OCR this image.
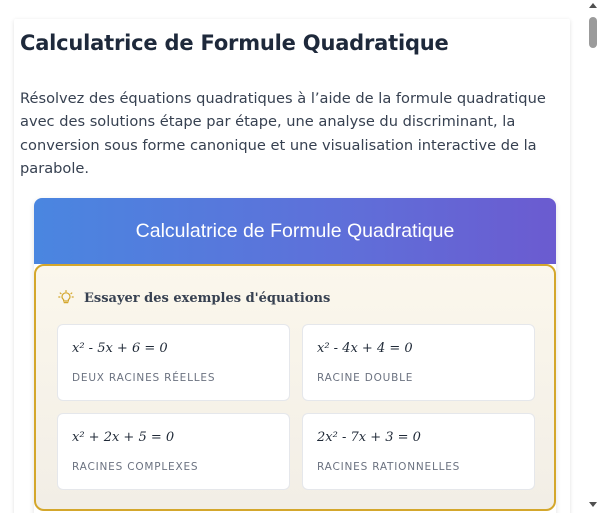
Calculatrice de Formule Quadratique

Résolvez des équations quadratiques à l’aide de la formule quadratique avec des solutions étape par étape, une analyse du discriminant, la conversion sous forme canonique et une visualisation interactive de la parabole.

Calculatrice de Formule Quadratique
Essayer des exemples d'équations
x² - 5x + 6 = 0
DEUX RACINES RÉELLES
x² - 4x + 4 = 0
RACINE DOUBLE
x² + 2x + 5 = 0
RACINES COMPLEXES
2x² - 7x + 3 = 0
RACINES RATIONNELLES
